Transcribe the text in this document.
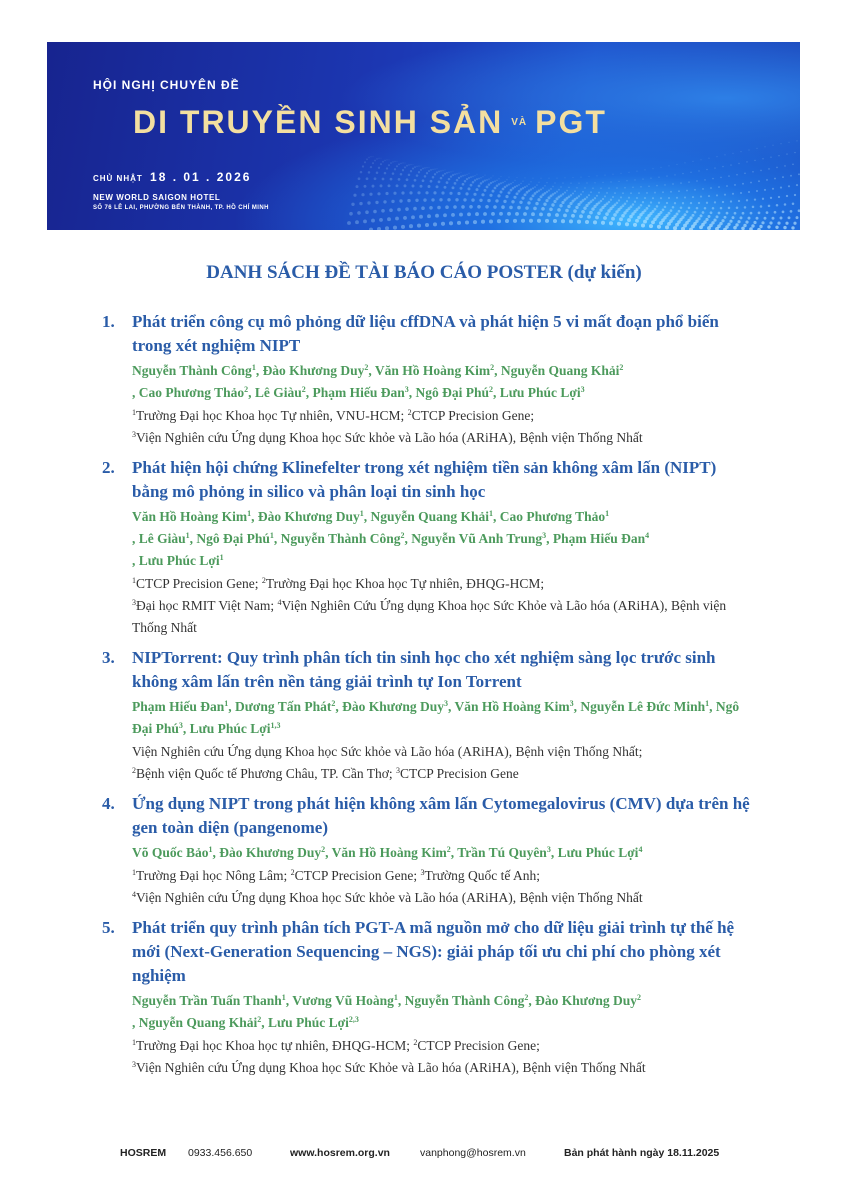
HỘI NGHỊ CHUYÊN ĐỀ
DI TRUYỀN SINH SẢN $^{VÀ}$ PGT
CHỦ NHẬT 18 . 01 . 2026
NEW WORLD SAIGON HOTEL
SỐ 76 LÊ LAI, PHƯỜNG BẾN THÀNH, TP. HỒ CHÍ MINH
DANH SÁCH ĐỀ TÀI BÁO CÁO POSTER (dự kiến)
1. Phát triển công cụ mô phỏng dữ liệu cffDNA và phát hiện 5 vi mất đoạn phổ biến trong xét nghiệm NIPT
Nguyễn Thành Công$^1$, Đào Khương Duy$^2$, Văn Hồ Hoàng Kim$^2$, Nguyễn Quang Khải$^2$
, Cao Phương Thảo$^2$, Lê Giàu$^2$, Phạm Hiếu Đan$^3$, Ngô Đại Phú$^2$, Lưu Phúc Lợi$^3$
$^1$Trường Đại học Khoa học Tự nhiên, VNU-HCM; $^2$CTCP Precision Gene;
$^3$Viện Nghiên cứu Ứng dụng Khoa học Sức khỏe và Lão hóa (ARiHA), Bệnh viện Thống Nhất
2. Phát hiện hội chứng Klinefelter trong xét nghiệm tiền sản không xâm lấn (NIPT) bằng mô phỏng in silico và phân loại tin sinh học
Văn Hồ Hoàng Kim$^1$, Đào Khương Duy$^1$, Nguyễn Quang Khải$^1$, Cao Phương Thảo$^1$
, Lê Giàu$^1$, Ngô Đại Phú$^1$, Nguyễn Thành Công$^2$, Nguyễn Vũ Anh Trung$^3$, Phạm Hiếu Đan$^4$
, Lưu Phúc Lợi$^1$
$^1$CTCP Precision Gene; $^2$Trường Đại học Khoa học Tự nhiên, ĐHQG-HCM;
$^3$Đại học RMIT Việt Nam; $^4$Viện Nghiên Cứu Ứng dụng Khoa học Sức Khỏe và Lão hóa (ARiHA), Bệnh viện Thống Nhất
3. NIPTorrent: Quy trình phân tích tin sinh học cho xét nghiệm sàng lọc trước sinh không xâm lấn trên nền tảng giải trình tự Ion Torrent
Phạm Hiếu Đan$^1$, Dương Tấn Phát$^2$, Đào Khương Duy$^3$, Văn Hồ Hoàng Kim$^3$, Nguyễn Lê Đức Minh$^1$, Ngô Đại Phú$^3$, Lưu Phúc Lợi$^{1,3}$
Viện Nghiên cứu Ứng dụng Khoa học Sức khỏe và Lão hóa (ARiHA), Bệnh viện Thống Nhất;
$^2$Bệnh viện Quốc tế Phương Châu, TP. Cần Thơ; $^3$CTCP Precision Gene
4. Ứng dụng NIPT trong phát hiện không xâm lấn Cytomegalovirus (CMV) dựa trên hệ gen toàn diện (pangenome)
Võ Quốc Bảo$^1$, Đào Khương Duy$^2$, Văn Hồ Hoàng Kim$^2$, Trần Tú Quyên$^3$, Lưu Phúc Lợi$^4$
$^1$Trường Đại học Nông Lâm; $^2$CTCP Precision Gene; $^3$Trường Quốc tế Anh;
$^4$Viện Nghiên cứu Ứng dụng Khoa học Sức khỏe và Lão hóa (ARiHA), Bệnh viện Thống Nhất
5. Phát triển quy trình phân tích PGT-A mã nguồn mở cho dữ liệu giải trình tự thế hệ mới (Next-Generation Sequencing – NGS): giải pháp tối ưu chi phí cho phòng xét nghiệm
Nguyễn Trần Tuấn Thanh$^1$, Vương Vũ Hoàng$^1$, Nguyễn Thành Công$^2$, Đào Khương Duy$^2$
, Nguyễn Quang Khải$^2$, Lưu Phúc Lợi$^{2,3}$
$^1$Trường Đại học Khoa học tự nhiên, ĐHQG-HCM; $^2$CTCP Precision Gene;
$^3$Viện Nghiên cứu Ứng dụng Khoa học Sức Khỏe và Lão hóa (ARiHA), Bệnh viện Thống Nhất
HOSREM 0933.456.650	www.hosrem.org.vn	vanphong@hosrem.vn	Bản phát hành ngày 18.11.2025
